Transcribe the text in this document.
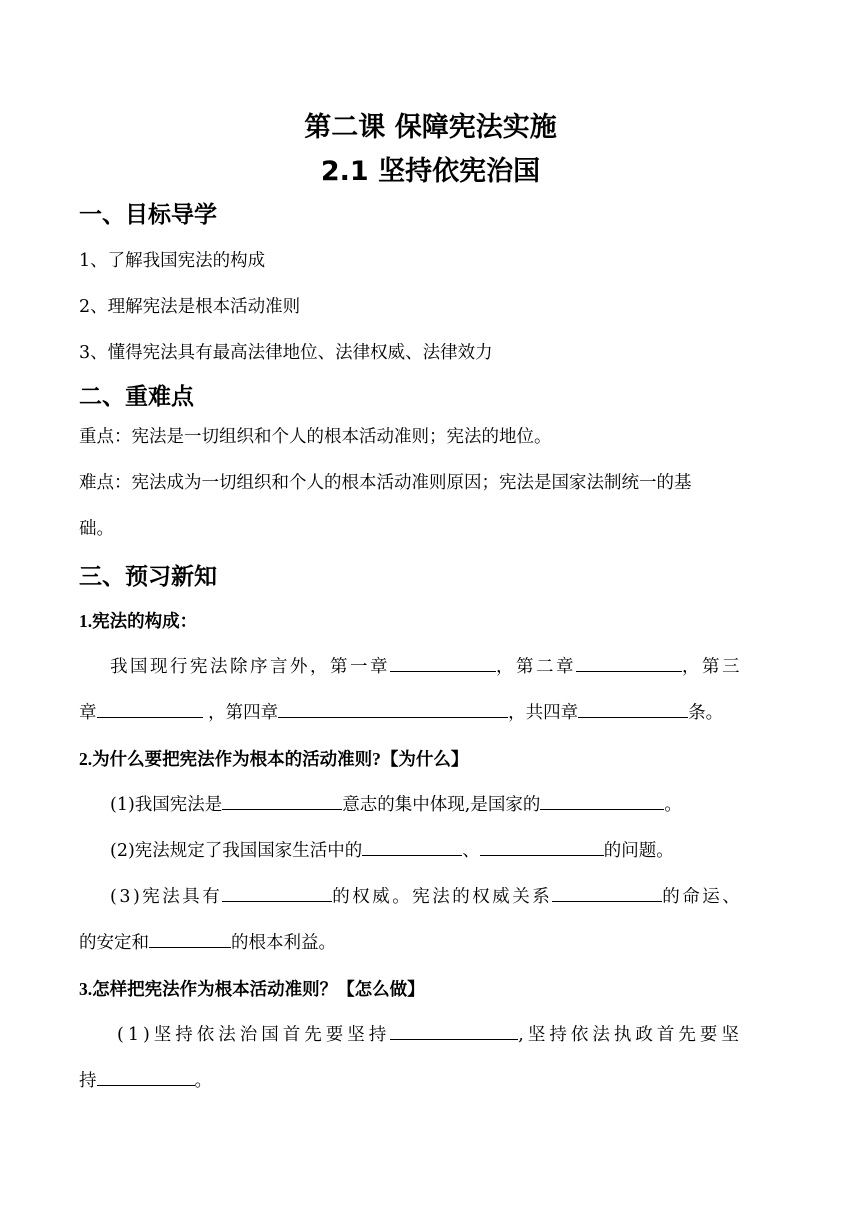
第二课 保障宪法实施

2.1 坚持依宪治国

一、目标导学

1、了解我国宪法的构成

2、理解宪法是根本活动准则

3、懂得宪法具有最高法律地位、法律权威、法律效力

二、重难点

重点：宪法是一切组织和个人的根本活动准则；宪法的地位。

难点：宪法成为一切组织和个人的根本活动准则原因；宪法是国家法制统一的基

础。

三、预习新知

1.宪法的构成：

我国现行宪法除序言外，第一章	，第二章	，第三

章	，第四章	，共四章	条。

2.为什么要把宪法作为根本的活动准则?【为什么】

(1)我国宪法是	意志的集中体现,是国家的	。

(2)宪法规定了我国国家生活中的	、	的问题。

(3)宪法具有	的权威。宪法的权威关系	的命运、

的安定和	的根本利益。

3.怎样把宪法作为根本活动准则？【怎么做】

(1)坚持依法治国首先要坚持	,坚持依法执政首先要坚

持	。
